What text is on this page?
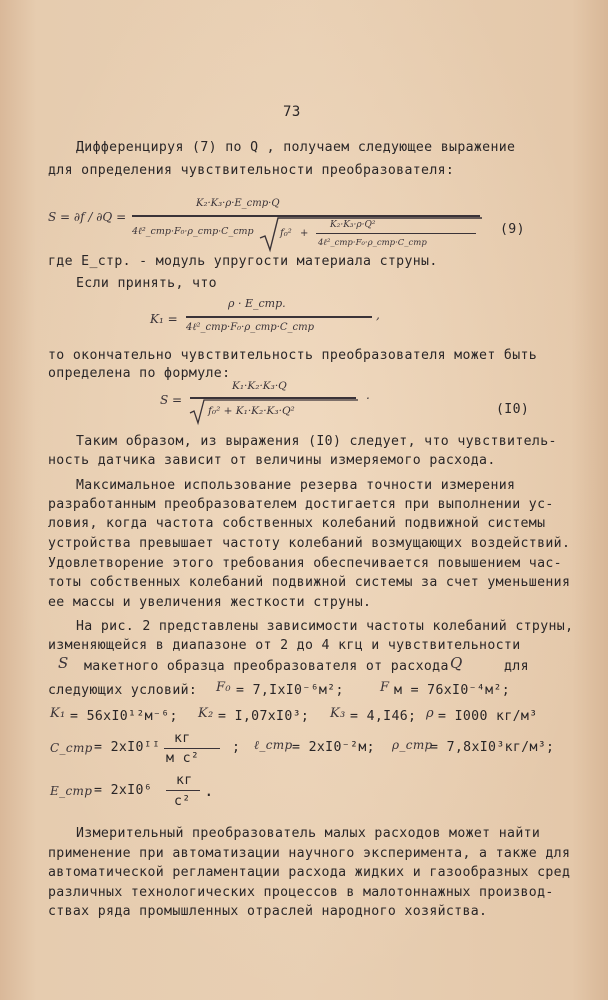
73
Дифференцируя (7) по Q , получаем следующее выражение
для определения чувствительности преобразователя:
S = ∂f / ∂Q =
K₂·K₃·ρ·E_стр·Q
4ℓ²_стр·F₀·ρ_стр·C_стр	f₀² +
K₂·K₃·ρ·Q²
4ℓ²_стр·F₀·ρ_стр·C_стр
(9)
где E_стр. - модуль упругости материала струны.
Если принять, что
K₁ =
ρ · E_стр.
4ℓ²_стр·F₀·ρ_стр·C_стр
,
то окончательно чувствительность преобразователя может быть
определена по формуле:
S =
K₁·K₂·K₃·Q
f₀² + K₁·K₂·K₃·Q²
.
(I0)
Таким образом, из выражения (I0) следует, что чувствитель-
ность датчика зависит от величины измеряемого расхода.
Максимальное использование резерва точности измерения
разработанным преобразователем достигается при выполнении ус-
ловия, когда частота собственных колебаний подвижной системы
устройства превышает частоту колебаний возмущающих воздействий.
Удовлетворение этого требования обеспечивается повышением час-
тоты собственных колебаний подвижной системы за счет уменьшения
ее массы и увеличения жесткости струны.
На рис. 2 представлены зависимости частоты колебаний струны,
изменяющейся в диапазоне от 2 до 4 кгц и чувствительности
S макетного образца преобразователя от расхода Q	для
следующих условий: F₀ = 7,IxI0⁻⁶м²;	F м = 76xI0⁻⁴м²;
K₁ = 56xI0¹²м⁻⁶; K₂ = I,07xI0³; K₃ = 4,I46; ρ = I000 кг/м³
C_стр = 2xI0ᴵᴵ
кг
м с²
; ℓ_стр = 2xI0⁻²м; ρ_стр
= 7,8xI0³кг/м³;
E_стр = 2xI0⁶
кг
с²
.
Измерительный преобразователь малых расходов может найти
применение при автоматизации научного эксперимента, а также для
автоматической регламентации расхода жидких и газообразных сред
различных технологических процессов в малотоннажных производ-
ствах ряда промышленных отраслей народного хозяйства.
